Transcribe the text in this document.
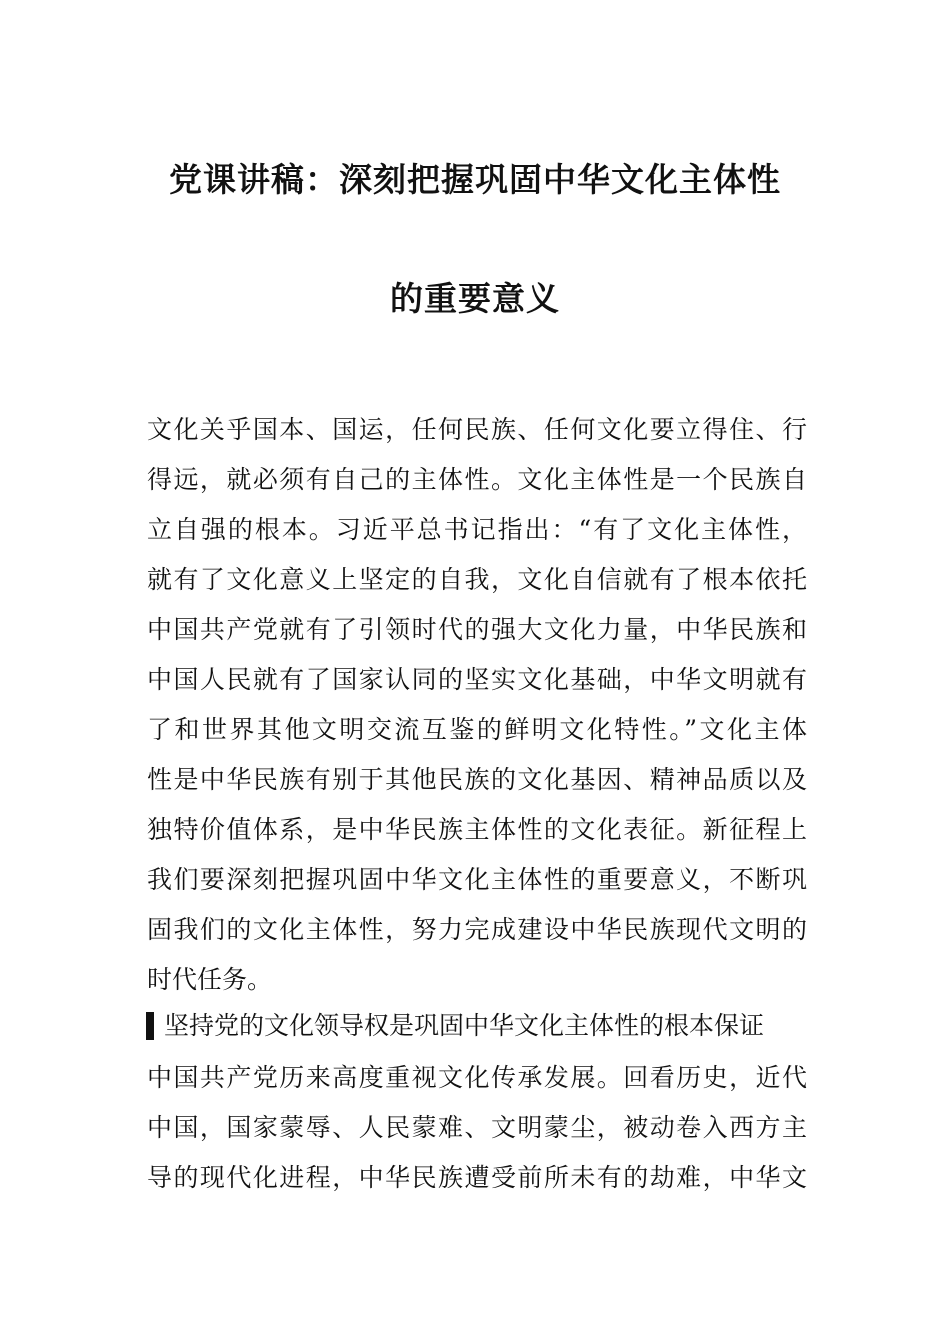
党课讲稿：深刻把握巩固中华文化主体性
的重要意义
文化关乎国本、国运，任何民族、任何文化要立得住、行
得远，就必须有自己的主体性。文化主体性是一个民族自
立自强的根本。习近平总书记指出：“有了文化主体性，
就有了文化意义上坚定的自我，文化自信就有了根本依托
中国共产党就有了引领时代的强大文化力量，中华民族和
中国人民就有了国家认同的坚实文化基础，中华文明就有
了和世界其他文明交流互鉴的鲜明文化特性。”文化主体
性是中华民族有别于其他民族的文化基因、精神品质以及
独特价值体系，是中华民族主体性的文化表征。新征程上
我们要深刻把握巩固中华文化主体性的重要意义，不断巩
固我们的文化主体性，努力完成建设中华民族现代文明的
时代任务。
坚持党的文化领导权是巩固中华文化主体性的根本保证
中国共产党历来高度重视文化传承发展。回看历史，近代
中国，国家蒙辱、人民蒙难、文明蒙尘，被动卷入西方主
导的现代化进程，中华民族遭受前所未有的劫难，中华文
